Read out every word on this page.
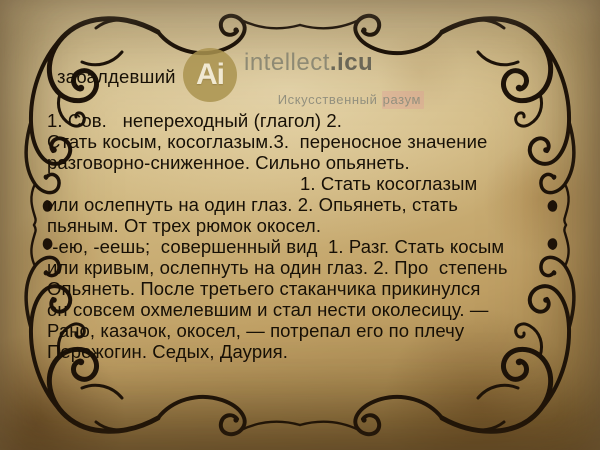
забалдевший Ai intellect.icu

Искусственный разум

1. Сов.   непереходный (глагол) 2.
Стать косым, косоглазым.3.  переносное значение
разговорно-сниженное. Сильно опьянеть.
1. Стать косоглазым
или ослепнуть на один глаз. 2. Опьянеть, стать
пьяным. От трех рюмок окосел.
-ею, -еешь;  совершенный вид  1. Разг. Стать косым
или кривым, ослепнуть на один глаз. 2. Про  степень
Опьянеть. После третьего стаканчика прикинулся
он совсем охмелевшим и стал нести околесицу. —
Рано, казачок, окосел, — потрепал его по плечу
Пережогин. Седых, Даурия.
